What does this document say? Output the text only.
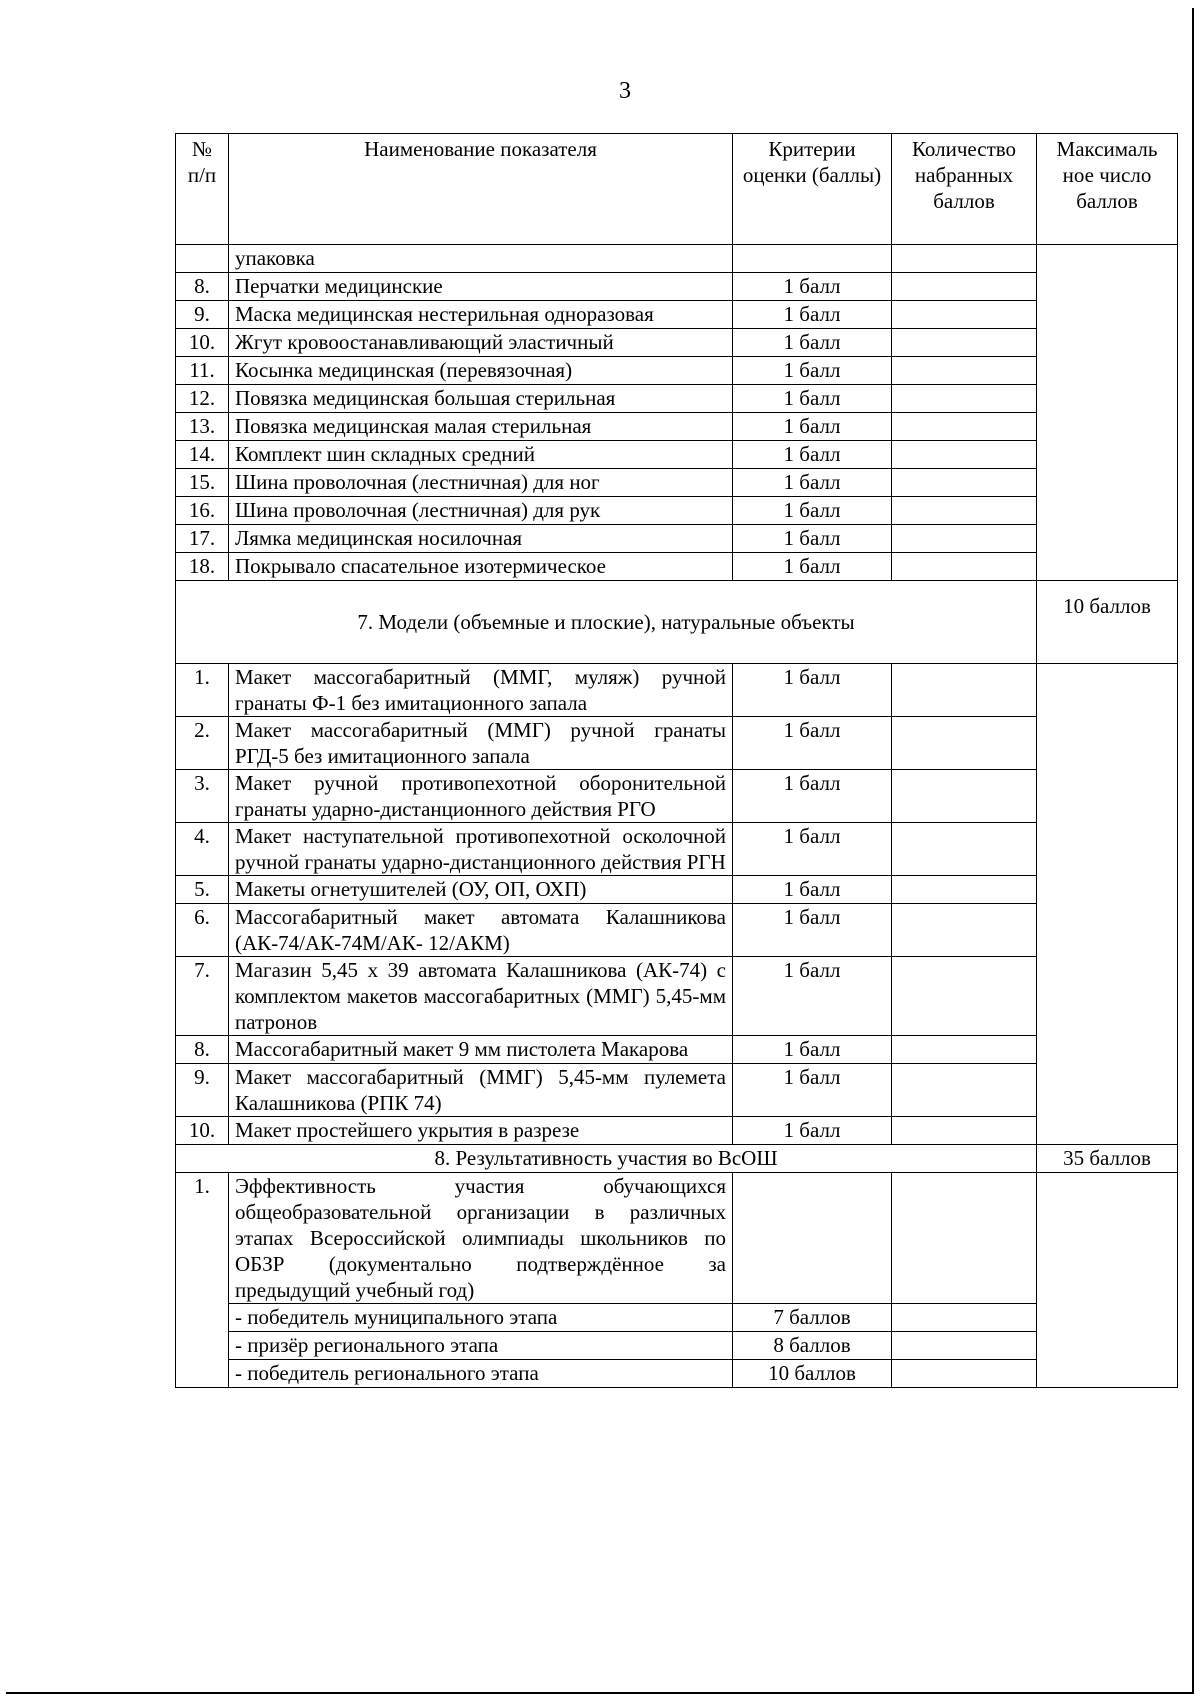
3
№ п/п	Наименование показателя	Критерии оценки (баллы)	Количество набранных баллов	Максималь ное число баллов
	упаковка			
8.	Перчатки медицинские	1 балл		
9.	Маска медицинская нестерильная одноразовая	1 балл		
10.	Жгут кровоостанавливающий эластичный	1 балл		
11.	Косынка медицинская (перевязочная)	1 балл		
12.	Повязка медицинская большая стерильная	1 балл		
13.	Повязка медицинская малая стерильная	1 балл		
14.	Комплект шин складных средний	1 балл		
15.	Шина проволочная (лестничная) для ног	1 балл		
16.	Шина проволочная (лестничная) для рук	1 балл		
17.	Лямка медицинская носилочная	1 балл		
18.	Покрывало спасательное изотермическое	1 балл		
7. Модели (объемные и плоские), натуральные объекты				10 баллов
1.	Макет массогабаритный (ММГ, муляж) ручной гранаты Ф-1 без имитационного запала	1 балл		
2.	Макет массогабаритный (ММГ) ручной гранаты РГД-5 без имитационного запала	1 балл		
3.	Макет ручной противопехотной оборонительной гранаты ударно-дистанционного действия РГО	1 балл		
4.	Макет наступательной противопехотной осколочной ручной гранаты ударно-дистанционного действия РГН	1 балл		
5.	Макеты огнетушителей (ОУ, ОП, ОХП)	1 балл		
6.	Массогабаритный макет автомата Калашникова (АК-74/АК-74М/АК- 12/АКМ)	1 балл		
7.	Магазин 5,45 х 39 автомата Калашникова (АК-74) с комплектом макетов массогабаритных (ММГ) 5,45-мм патронов	1 балл		
8.	Массогабаритный макет 9 мм пистолета Макарова	1 балл		
9.	Макет массогабаритный (ММГ) 5,45-мм пулемета Калашникова (РПК 74)	1 балл		
10.	Макет простейшего укрытия в разрезе	1 балл		
8. Результативность участия во ВсОШ				35 баллов
1.	Эффективность участия обучающихся общеобразовательной организации в различных этапах Всероссийской олимпиады школьников по ОБЗР (документально подтверждённое за предыдущий учебный год)			
	- победитель муниципального этапа	7 баллов		
	- призёр регионального этапа	8 баллов		
	- победитель регионального этапа	10 баллов		
